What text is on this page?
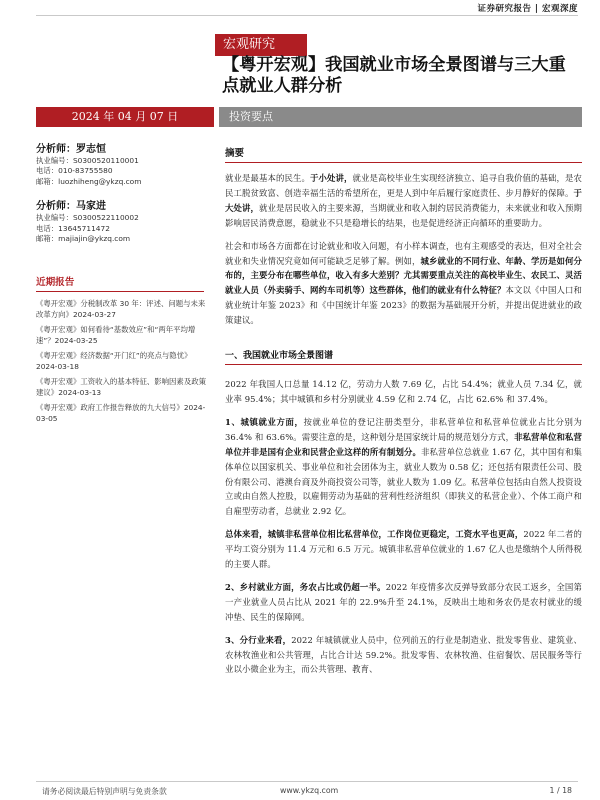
证券研究报告 | 宏观深度
宏观研究
【粤开宏观】我国就业市场全景图谱与三大重点就业人群分析
2024 年 04 月 07 日	投资要点
分析师：罗志恒
执业编号：S0300520110001
电话：010-83755580
邮箱：luozhiheng@ykzq.com
分析师：马家进
执业编号：S0300522110002
电话：13645711472
邮箱：majiajin@ykzq.com
近期报告
《粤开宏观》分税制改革 30 年：评述、问题与未来改革方向》2024-03-27
《粤开宏观》如何看待“基数效应”和“两年平均增速”？2024-03-25
《粤开宏观》经济数据“开门红”的亮点与隐忧》2024-03-18
《粤开宏观》工资收入的基本特征、影响因素及政策建议》2024-03-13
《粤开宏观》政府工作报告释放的九大信号》2024-03-05
摘要

就业是最基本的民生。于小处讲，就业是高校毕业生实现经济独立、追寻自我价值的基础，是农民工脱贫致富、创造幸福生活的希望所在，更是人到中年后履行家庭责任、步月静好的保障。于大处讲，就业是居民收入的主要来源，当期就业和收入制约居民消费能力，未来就业和收入预期影响居民消费意愿，稳就业不只是稳增长的结果，也是促进经济正向循环的重要助力。

社会和市场各方面都在讨论就业和收入问题，有小样本调查，也有主观感受的表达，但对全社会就业和失业情况究竟如何可能缺乏足够了解。例如，城乡就业的不同行业、年龄、学历是如何分布的，主要分布在哪些单位，收入有多大差别？尤其需要重点关注的高校毕业生、农民工、灵活就业人员（外卖骑手、网约车司机等）这些群体，他们的就业有什么特征？本文以《中国人口和就业统计年鉴 2023》和《中国统计年鉴 2023》的数据为基础展开分析，并提出促进就业的政策建议。

一、我国就业市场全景图谱

2022 年我国人口总量 14.12 亿，劳动力人数 7.69 亿，占比 54.4%；就业人员 7.34 亿，就业率 95.4%；其中城镇和乡村分别就业 4.59 亿和 2.74 亿，占比 62.6% 和 37.4%。

1、城镇就业方面，按就业单位的登记注册类型分，非私营单位和私营单位就业占比分别为 36.4% 和 63.6%。需要注意的是，这种划分是国家统计局的规范划分方式，非私营单位和私营单位并非是国有企业和民营企业这样的所有制划分。非私营单位总就业 1.67 亿，其中国有和集体单位以国家机关、事业单位和社会团体为主，就业人数为 0.58 亿；还包括有限责任公司、股份有限公司、港澳台商及外商投资公司等，就业人数为 1.09 亿。私营单位包括由自然人投资设立或由自然人控股，以雇佣劳动为基础的营利性经济组织（即狭义的私营企业）、个体工商户和自雇型劳动者，总就业 2.92 亿。

总体来看，城镇非私营单位相比私营单位，工作岗位更稳定，工资水平也更高，2022 年二者的平均工资分别为 11.4 万元和 6.5 万元。城镇非私营单位就业的 1.67 亿人也是缴纳个人所得税的主要人群。

2、乡村就业方面，务农占比或仍超一半。2022 年疫情多次反弹导致部分农民工返乡，全国第一产业就业人员占比从 2021 年的 22.9%升至 24.1%，反映出土地和务农仍是农村就业的缓冲垫、民生的保障网。

3、分行业来看，2022 年城镇就业人员中，位列前五的行业是制造业、批发零售业、建筑业、农林牧渔业和公共管理，占比合计达 59.2%。批发零售、农林牧渔、住宿餐饮、居民服务等行业以小微企业为主，而公共管理、教育、

请务必阅读最后特别声明与免责条款	www.ykzq.com	1 / 18
